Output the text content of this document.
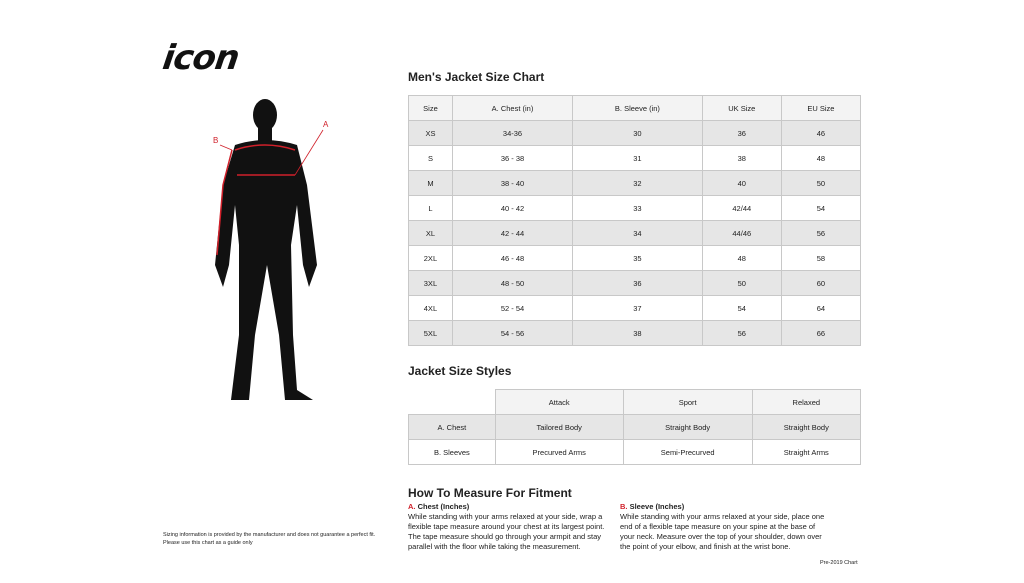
icon
A
B
Men's Jacket Size Chart
Size	A. Chest (in)	B. Sleeve (in)	UK Size	EU Size
XS	34-36	30	36	46
S	36 - 38	31	38	48
M	38 - 40	32	40	50
L	40 - 42	33	42/44	54
XL	42 - 44	34	44/46	56
2XL	46 - 48	35	48	58
3XL	48 - 50	36	50	60
4XL	52 - 54	37	54	64
5XL	54 - 56	38	56	66
Jacket Size Styles
	Attack	Sport	Relaxed
A. Chest	Tailored Body	Straight Body	Straight Body
B. Sleeves	Precurved Arms	Semi-Precurved	Straight Arms
How To Measure For Fitment
A. Chest (Inches)
While standing with your arms relaxed at your side, wrap a flexible tape measure around your chest at its largest point. The tape measure should go through your armpit and stay parallel with the floor while taking the measurement.
B. Sleeve (Inches)
While standing with your arms relaxed at your side, place one end of a flexible tape measure on your spine at the base of your neck. Measure over the top of your shoulder, down over the point of your elbow, and finish at the wrist bone.
Sizing information is provided by the manufacturer and does not guarantee a perfect fit.
Please use this chart as a guide only
Pre-2019 Chart
